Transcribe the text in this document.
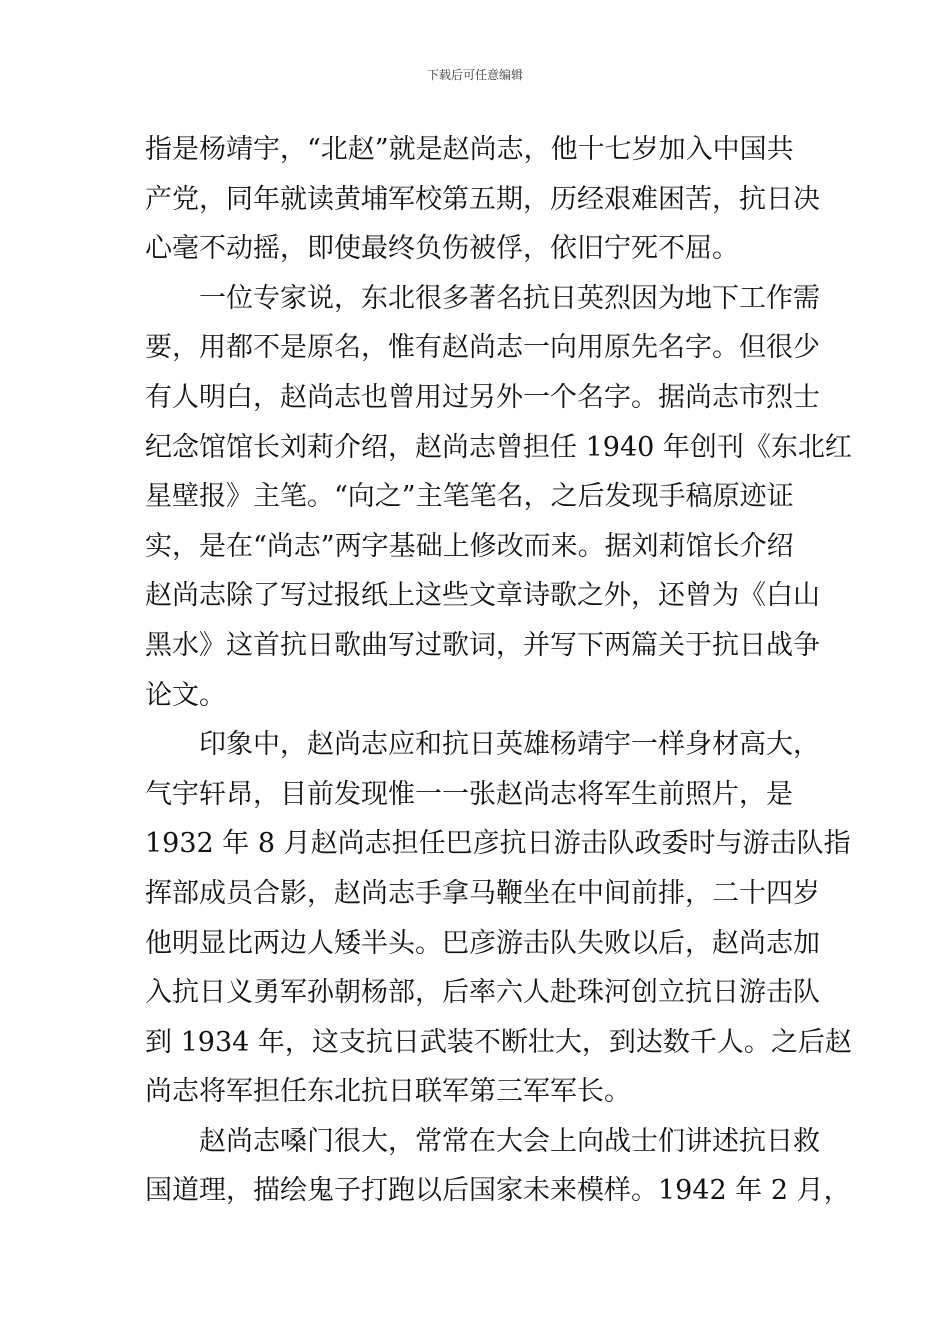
下载后可任意编辑
指是杨靖宇，“北赵”就是赵尚志，他十七岁加入中国共
产党，同年就读黄埔军校第五期，历经艰难困苦，抗日决
心毫不动摇，即使最终负伤被俘，依旧宁死不屈。
一位专家说，东北很多著名抗日英烈因为地下工作需
要，用都不是原名，惟有赵尚志一向用原先名字。但很少
有人明白，赵尚志也曾用过另外一个名字。据尚志市烈士
纪念馆馆长刘莉介绍，赵尚志曾担任 1940 年创刊《东北红
星壁报》主笔。“向之”主笔笔名，之后发现手稿原迹证
实，是在“尚志”两字基础上修改而来。据刘莉馆长介绍
赵尚志除了写过报纸上这些文章诗歌之外，还曾为《白山
黑水》这首抗日歌曲写过歌词，并写下两篇关于抗日战争
论文。
印象中，赵尚志应和抗日英雄杨靖宇一样身材高大，
气宇轩昂，目前发现惟一一张赵尚志将军生前照片，是
1932 年 8 月赵尚志担任巴彦抗日游击队政委时与游击队指
挥部成员合影，赵尚志手拿马鞭坐在中间前排，二十四岁
他明显比两边人矮半头。巴彦游击队失败以后，赵尚志加
入抗日义勇军孙朝杨部，后率六人赴珠河创立抗日游击队
到 1934 年，这支抗日武装不断壮大，到达数千人。之后赵
尚志将军担任东北抗日联军第三军军长。
赵尚志嗓门很大，常常在大会上向战士们讲述抗日救
国道理，描绘鬼子打跑以后国家未来模样。1942 年 2 月，
